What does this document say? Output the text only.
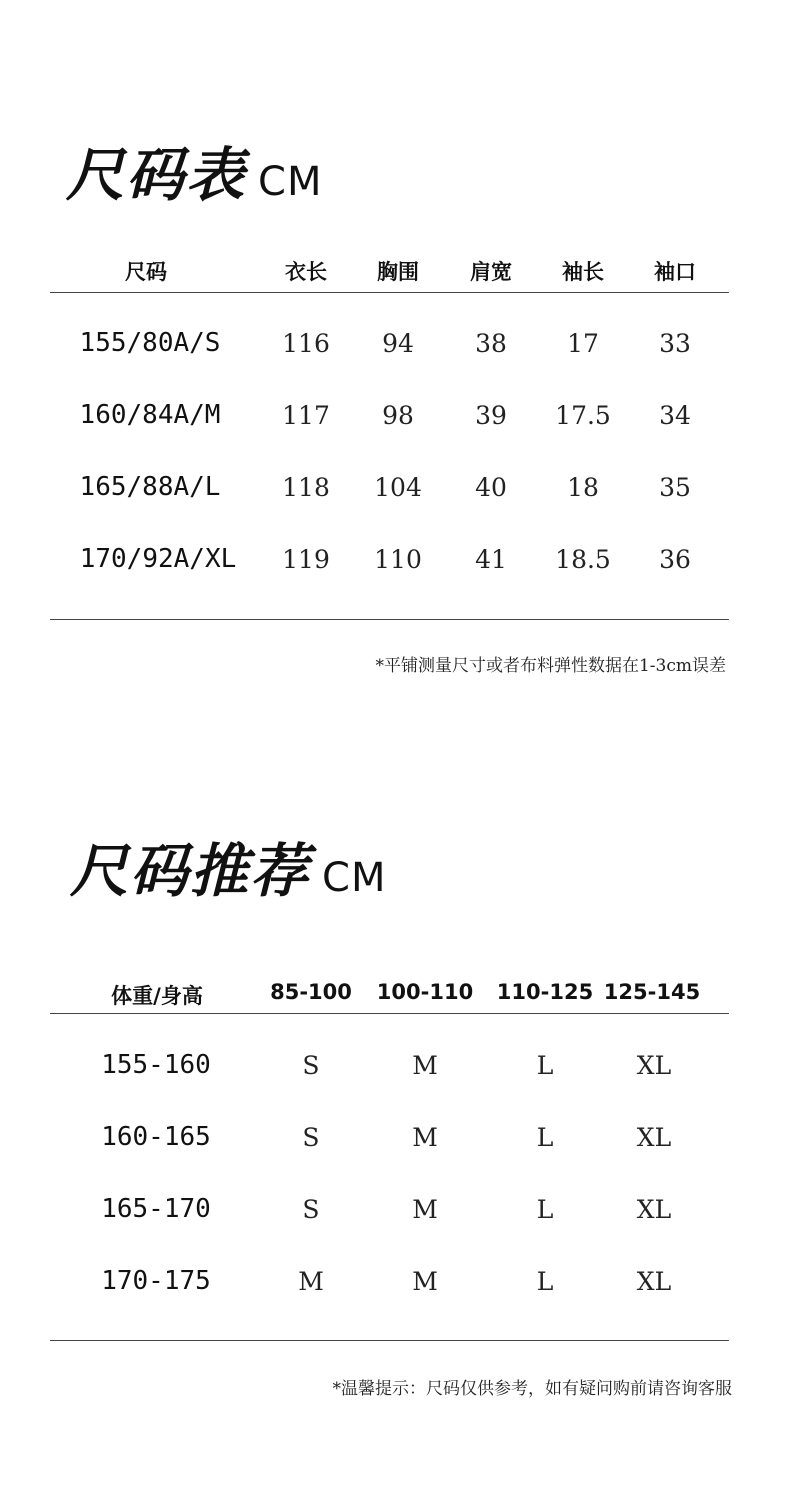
尺码表 CM
尺码	衣长 胸围 肩宽 袖长 袖口
155/80A/S 116 94 38 17 33
160/84A/M 117 98 39 17.5 34
165/88A/L 118 104 40 18 35
170/92A/XL 119 110 41 18.5 36
*平铺测量尺寸或者布料弹性数据在1-3cm误差
尺码推荐 CM
体重/身高	85-100 100-110 110-125 125-145
155-160	S	M	L	XL
160-165	S	M	L	XL
165-170	S	M	L	XL
170-175	M	M	L	XL
*温馨提示：尺码仅供参考，如有疑问购前请咨询客服
